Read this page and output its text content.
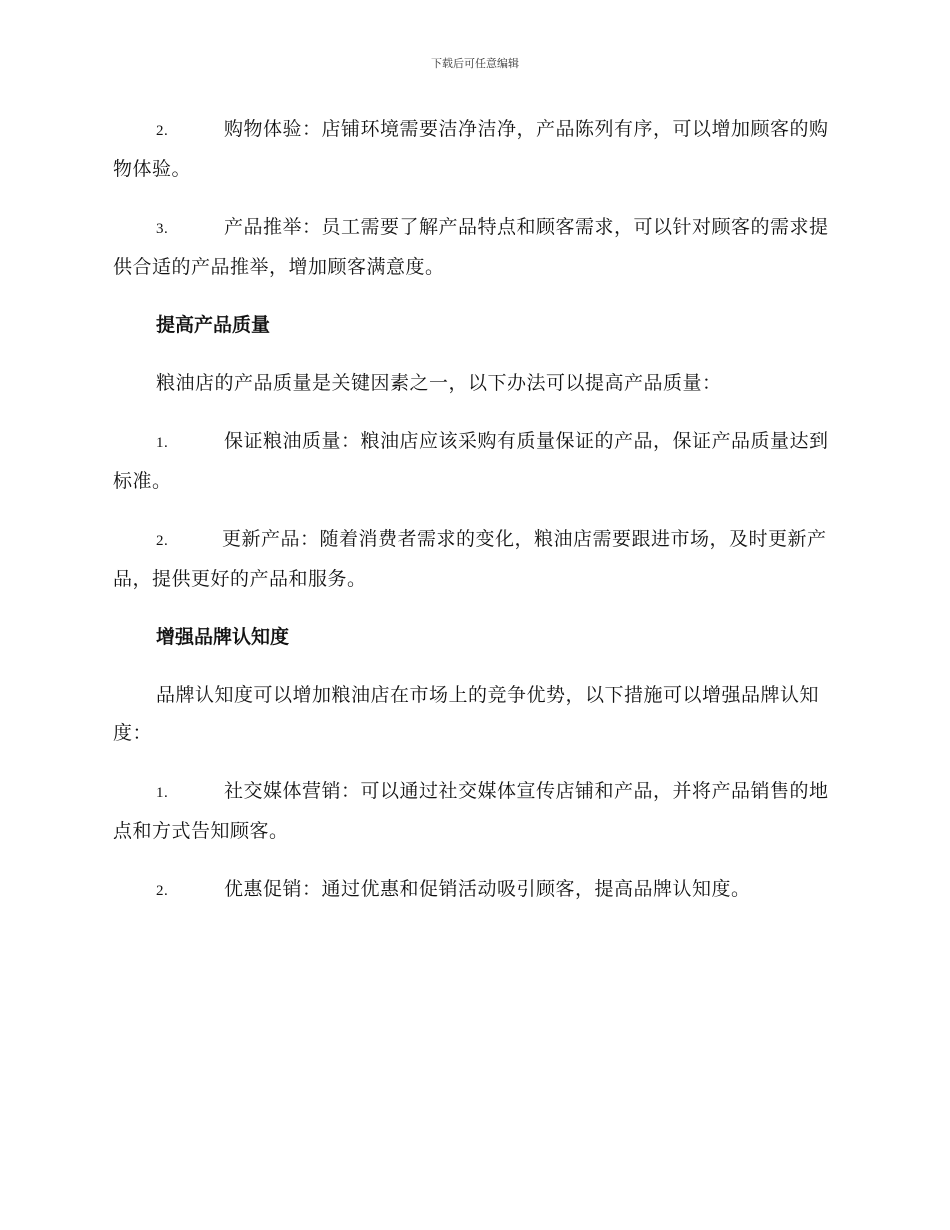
下载后可任意编辑

2.	购物体验：店铺环境需要洁净洁净，产品陈列有序，可以增加顾客的购物体验。

3.	产品推举：员工需要了解产品特点和顾客需求，可以针对顾客的需求提供合适的产品推举，增加顾客满意度。

提高产品质量

粮油店的产品质量是关键因素之一，以下办法可以提高产品质量：

1.	保证粮油质量：粮油店应该采购有质量保证的产品，保证产品质量达到标准。

2.	更新产品：随着消费者需求的变化，粮油店需要跟进市场，及时更新产品，提供更好的产品和服务。

增强品牌认知度

品牌认知度可以增加粮油店在市场上的竞争优势，以下措施可以增强品牌认知度：

1.	社交媒体营销：可以通过社交媒体宣传店铺和产品，并将产品销售的地点和方式告知顾客。

2.	优惠促销：通过优惠和促销活动吸引顾客，提高品牌认知度。
